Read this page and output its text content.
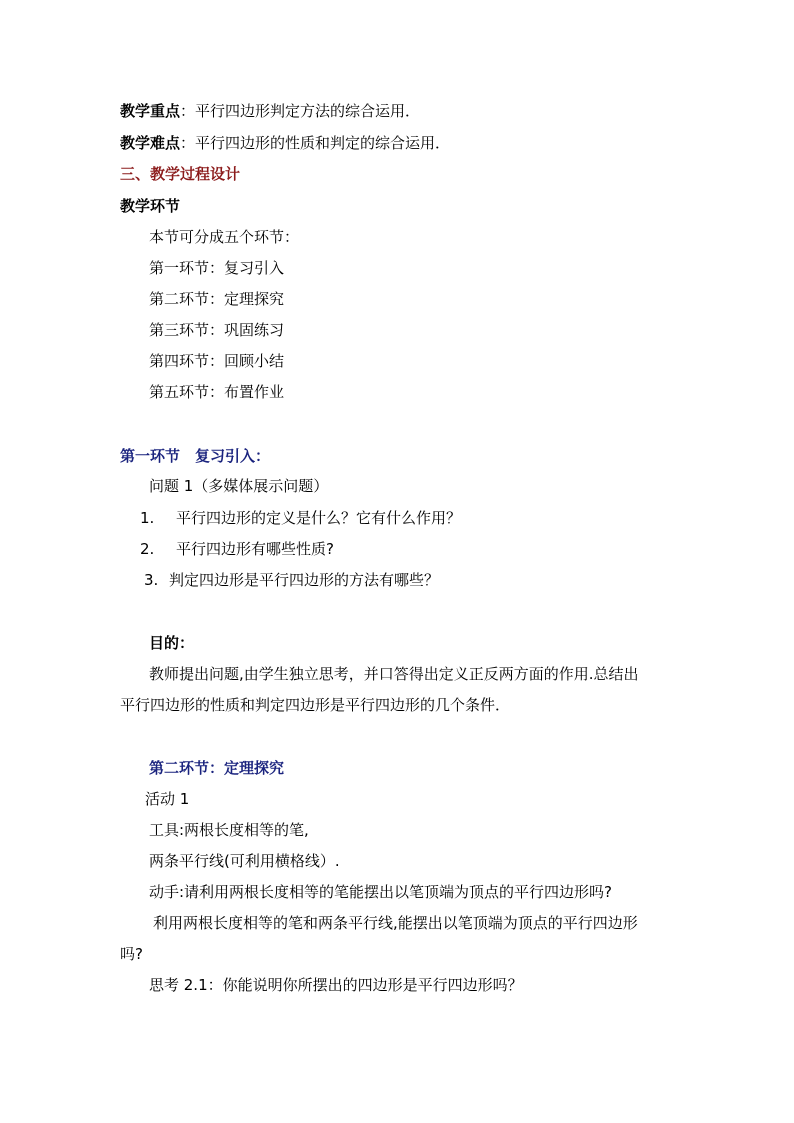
教学重点：平行四边形判定方法的综合运用．
教学难点：平行四边形的性质和判定的综合运用．
三、教学过程设计
教学环节
本节可分成五个环节：
第一环节：复习引入
第二环节：定理探究
第三环节：巩固练习
第四环节：回顾小结
第五环节：布置作业
第一环节　复习引入：
问题 1（多媒体展示问题）
1. 平行四边形的定义是什么？它有什么作用？
2. 平行四边形有哪些性质?
3. 判定四边形是平行四边形的方法有哪些？
目的：
教师提出问题,由学生独立思考，并口答得出定义正反两方面的作用.总结出
平行四边形的性质和判定四边形是平行四边形的几个条件．
第二环节：定理探究
活动 1
工具:两根长度相等的笔,
两条平行线(可利用横格线）.
动手:请利用两根长度相等的笔能摆出以笔顶端为顶点的平行四边形吗?
利用两根长度相等的笔和两条平行线,能摆出以笔顶端为顶点的平行四边形
吗?
思考 2.1：你能说明你所摆出的四边形是平行四边形吗？
